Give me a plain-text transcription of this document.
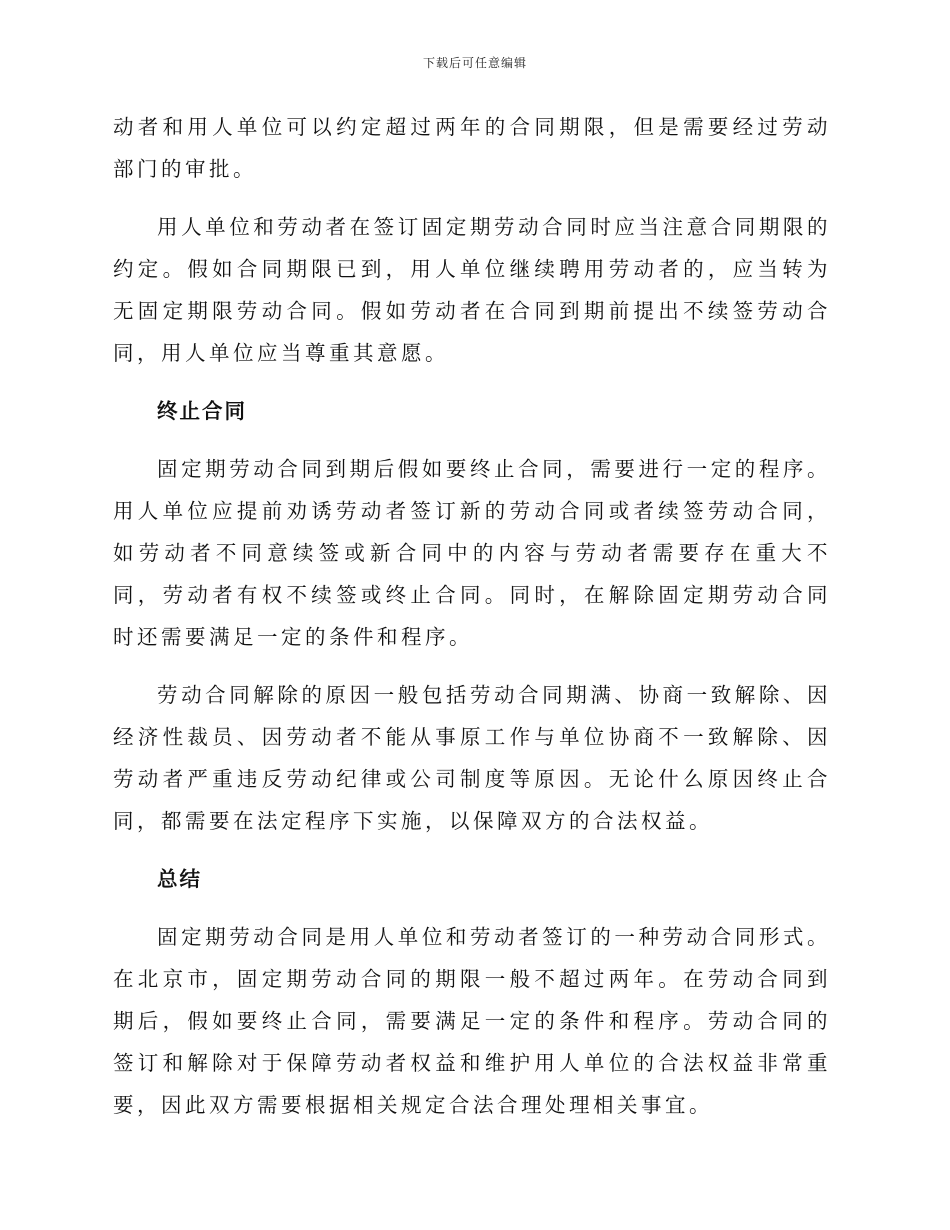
下载后可任意编辑

动者和用人单位可以约定超过两年的合同期限，但是需要经过劳动部门的审批。

用人单位和劳动者在签订固定期劳动合同时应当注意合同期限的约定。假如合同期限已到，用人单位继续聘用劳动者的，应当转为无固定期限劳动合同。假如劳动者在合同到期前提出不续签劳动合同，用人单位应当尊重其意愿。

终止合同

固定期劳动合同到期后假如要终止合同，需要进行一定的程序。用人单位应提前劝诱劳动者签订新的劳动合同或者续签劳动合同，如劳动者不同意续签或新合同中的内容与劳动者需要存在重大不同，劳动者有权不续签或终止合同。同时，在解除固定期劳动合同时还需要满足一定的条件和程序。

劳动合同解除的原因一般包括劳动合同期满、协商一致解除、因经济性裁员、因劳动者不能从事原工作与单位协商不一致解除、因劳动者严重违反劳动纪律或公司制度等原因。无论什么原因终止合同，都需要在法定程序下实施，以保障双方的合法权益。

总结

固定期劳动合同是用人单位和劳动者签订的一种劳动合同形式。 在北京市，固定期劳动合同的期限一般不超过两年。在劳动合同到期后，假如要终止合同，需要满足一定的条件和程序。劳动合同的签订和解除对于保障劳动者权益和维护用人单位的合法权益非常重要，因此双方需要根据相关规定合法合理处理相关事宜。
